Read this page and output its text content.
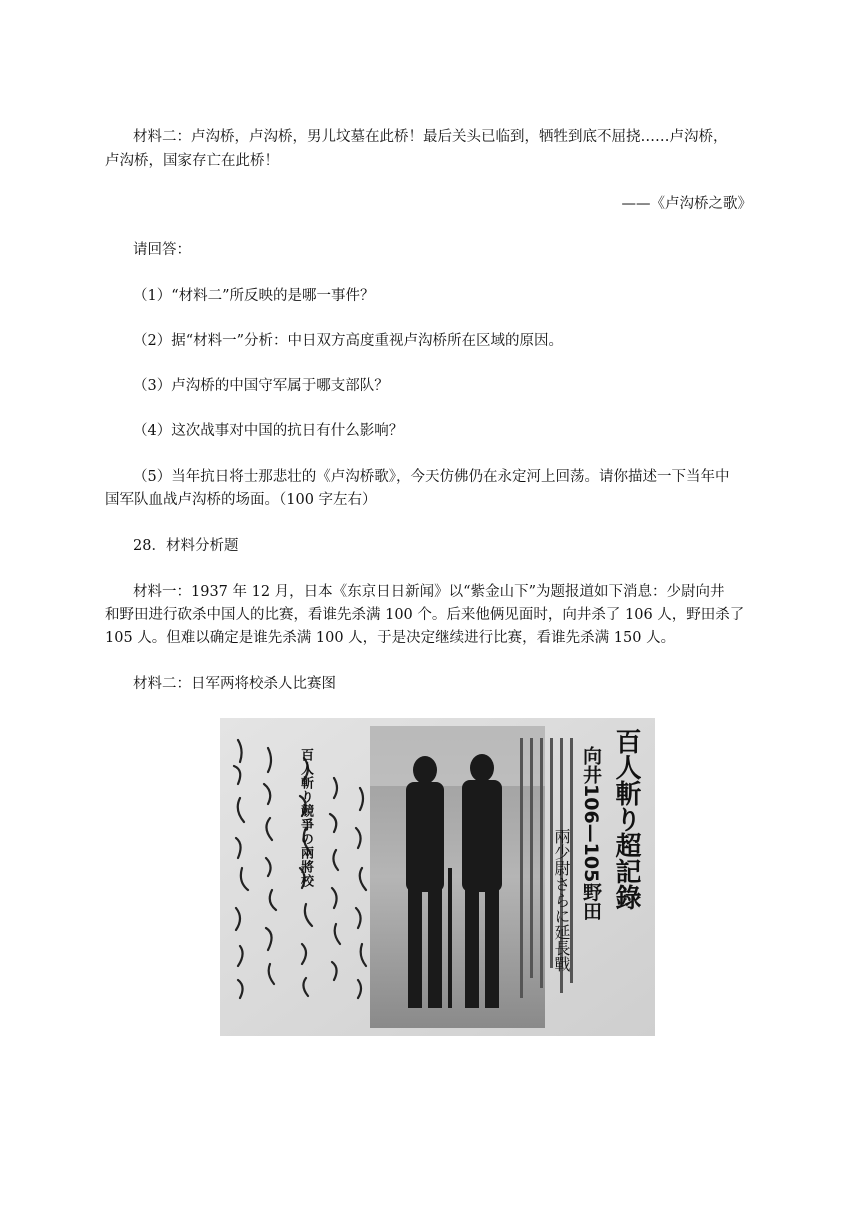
材料二：卢沟桥，卢沟桥，男儿坟墓在此桥！最后关头已临到，牺牲到底不屈挠……卢沟桥，
卢沟桥，国家存亡在此桥！
——《卢沟桥之歌》
请回答：
（1）“材料二”所反映的是哪一事件？
（2）据“材料一”分析：中日双方高度重视卢沟桥所在区域的原因。
（3）卢沟桥的中国守军属于哪支部队？
（4）这次战事对中国的抗日有什么影响？
（5）当年抗日将士那悲壮的《卢沟桥歌》，今天仿佛仍在永定河上回荡。请你描述一下当年中
国军队血战卢沟桥的场面。（100 字左右）
28．材料分析题
材料一：1937 年 12 月，日本《东京日日新闻》以“紫金山下”为题报道如下消息：少尉向井
和野田进行砍杀中国人的比赛，看谁先杀满 100 个。后来他俩见面时，向井杀了 106 人，野田杀了
105 人。但难以确定是谁先杀满 100 人，于是决定继续进行比赛，看谁先杀满 150 人。
材料二：日军两将校杀人比赛图
百人斬り競爭の兩將校	百人斬り超記錄
向井106—105野田
兩少尉さらに延長戰
